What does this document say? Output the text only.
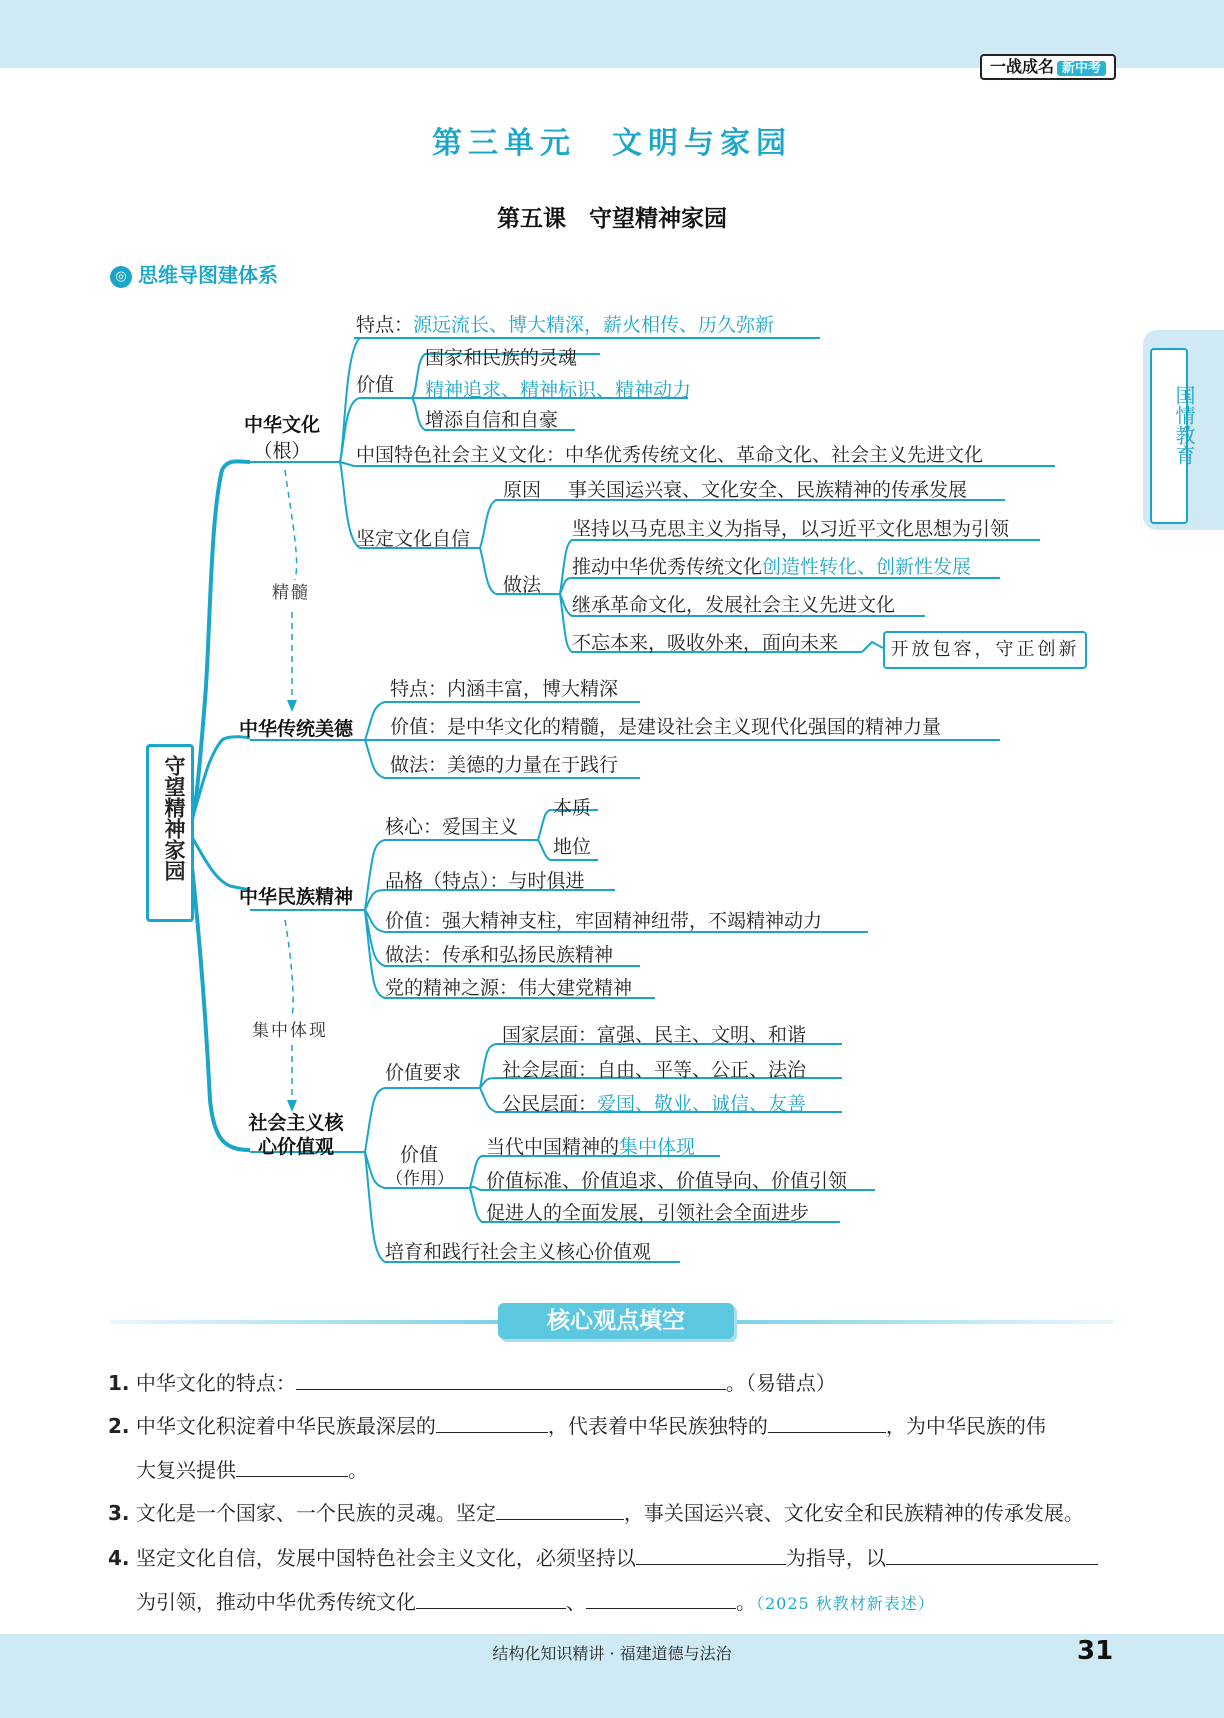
一战成名 新中考
第三单元　文明与家园
第五课　守望精神家园
◎ 思维导图建体系
国情教育
守望精神家园
中华文化
（根）
特点：源远流长、博大精深，薪火相传、历久弥新
价值
国家和民族的灵魂
精神追求、精神标识、精神动力
增添自信和自豪
中国特色社会主义文化：中华优秀传统文化、革命文化、社会主义先进文化
坚定文化自信
原因 事关国运兴衰、文化安全、民族精神的传承发展
做法
坚持以马克思主义为指导，以习近平文化思想为引领
推动中华优秀传统文化创造性转化、创新性发展
继承革命文化，发展社会主义先进文化
不忘本来，吸收外来，面向未来	开放包容，守正创新
精髓
中华传统美德
特点：内涵丰富，博大精深
价值：是中华文化的精髓，是建设社会主义现代化强国的精神力量
做法：美德的力量在于践行
中华民族精神
核心：爱国主义
本质
地位
品格（特点）：与时俱进
价值：强大精神支柱，牢固精神纽带，不竭精神动力
做法：传承和弘扬民族精神
党的精神之源：伟大建党精神
集中体现
社会主义核
心价值观
价值要求
国家层面：富强、民主、文明、和谐
社会层面：自由、平等、公正、法治
公民层面：爱国、敬业、诚信、友善
价值
（作用）
当代中国精神的集中体现
价值标准、价值追求、价值导向、价值引领
促进人的全面发展，引领社会全面进步
培育和践行社会主义核心价值观
核心观点填空
1. 中华文化的特点：	。（易错点）
2. 中华文化积淀着中华民族最深层的	，代表着中华民族独特的	，为中华民族的伟
大复兴提供	。
3. 文化是一个国家、一个民族的灵魂。坚定	，事关国运兴衰、文化安全和民族精神的传承发展。
4. 坚定文化自信，发展中国特色社会主义文化，必须坚持以	为指导，以
为引领，推动中华优秀传统文化	、	。（2025 秋教材新表述）
结构化知识精讲 · 福建道德与法治	31
